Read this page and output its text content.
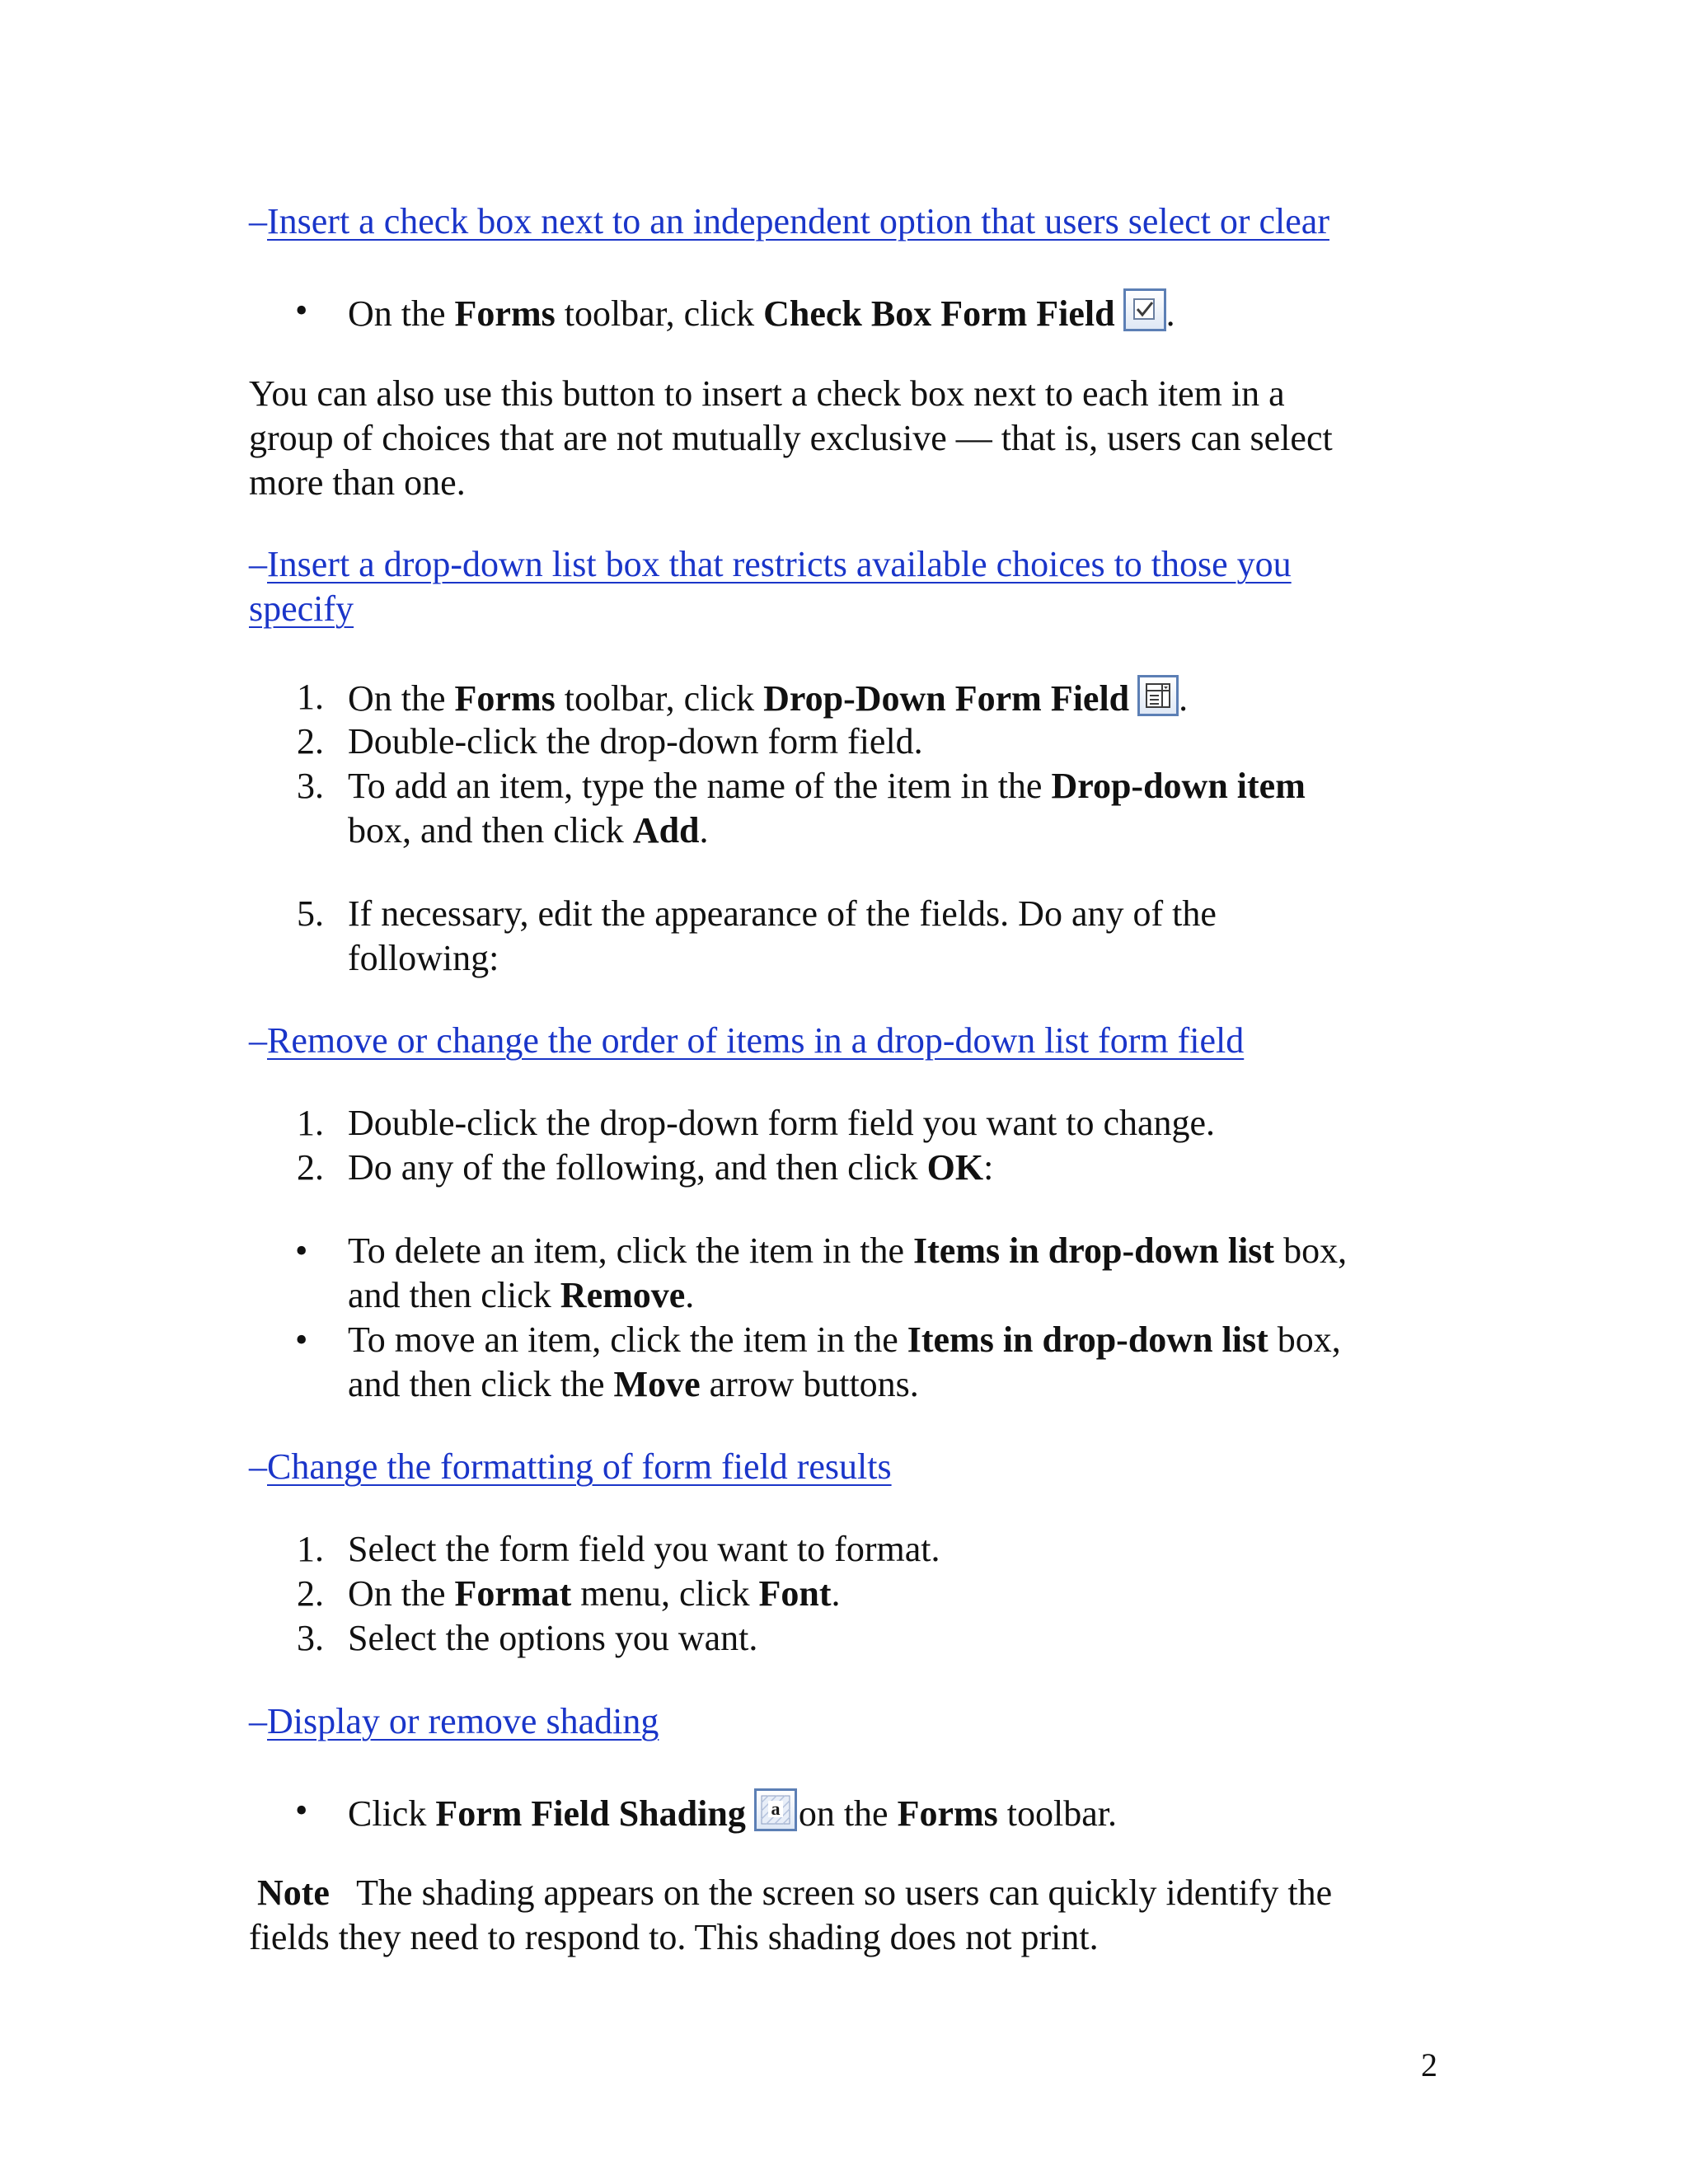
–Insert a check box next to an independent option that users select or clear

• On the Forms toolbar, click Check Box Form Field .

You can also use this button to insert a check box next to each item in a

group of choices that are not mutually exclusive — that is, users can select

more than one.

–Insert a drop-down list box that restricts available choices to those you

specify

1. On the Forms toolbar, click Drop-Down Form Field .

2. Double-click the drop-down form field.

3. To add an item, type the name of the item in the Drop-down item

box, and then click Add.

5. If necessary, edit the appearance of the fields. Do any of the

following:

–Remove or change the order of items in a drop-down list form field

1. Double-click the drop-down form field you want to change.

2. Do any of the following, and then click OK:

• To delete an item, click the item in the Items in drop-down list box,

and then click Remove.

• To move an item, click the item in the Items in drop-down list box,

and then click the Move arrow buttons.

–Change the formatting of form field results

1. Select the form field you want to format.

2. On the Format menu, click Font.

3. Select the options you want.

–Display or remove shading

• Click Form Field Shading a on the Forms toolbar.

Note   The shading appears on the screen so users can quickly identify the

fields they need to respond to. This shading does not print.

2
